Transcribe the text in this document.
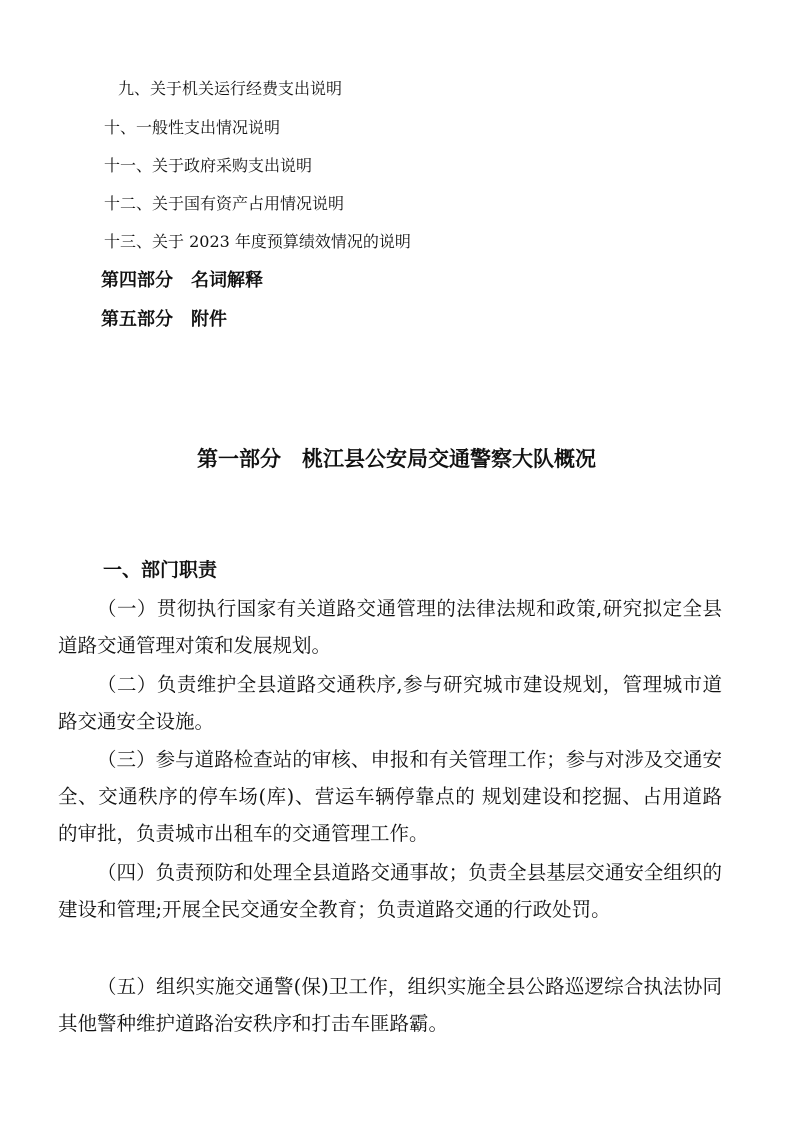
九、关于机关运行经费支出说明
十、一般性支出情况说明
十一、关于政府采购支出说明
十二、关于国有资产占用情况说明
十三、关于 2023 年度预算绩效情况的说明
第四部分　名词解释
第五部分　附件
第一部分　桃江县公安局交通警察大队概况
一、部门职责

（一）贯彻执行国家有关道路交通管理的法律法规和政策,研究拟定全县道路交通管理对策和发展规划。

（二）负责维护全县道路交通秩序,参与研究城市建设规划，管理城市道路交通安全设施。

（三）参与道路检查站的审核、申报和有关管理工作；参与对涉及交通安全、交通秩序的停车场(库)、营运车辆停靠点的 规划建设和挖掘、占用道路的审批，负责城市出租车的交通管理工作。

（四）负责预防和处理全县道路交通事故；负责全县基层交通安全组织的建设和管理;开展全民交通安全教育；负责道路交通的行政处罚。

（五）组织实施交通警(保)卫工作，组织实施全县公路巡逻综合执法协同其他警种维护道路治安秩序和打击车匪路霸。
